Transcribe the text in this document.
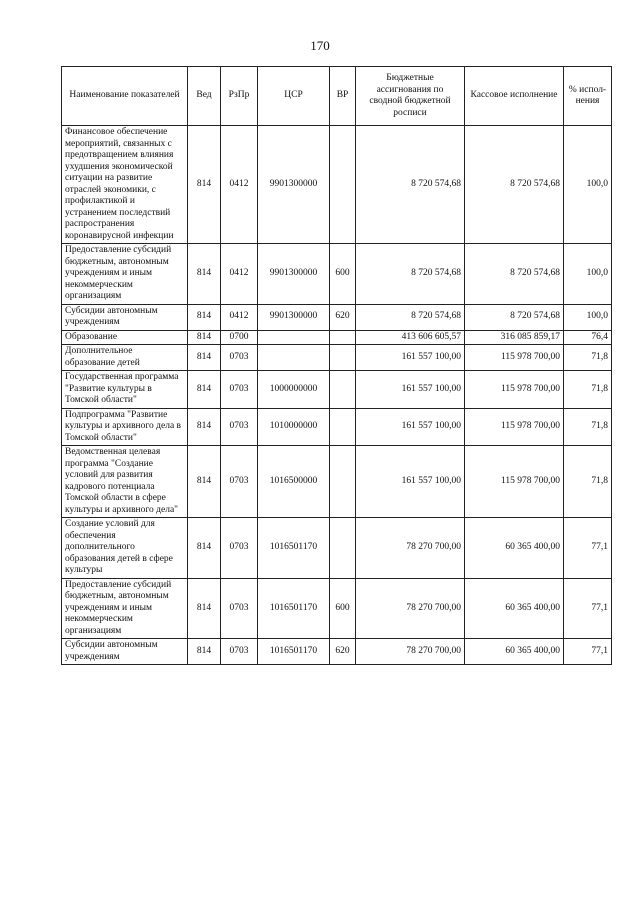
170
Наименование показателей	Вед	РзПр	ЦСР	ВР	Бюджетные ассигнования по сводной бюджетной росписи	Кассовое исполнение	% испол-нения
Финансовое обеспечение мероприятий, связанных с предотвращением влияния ухудшения экономической ситуации на развитие отраслей экономики, с профилактикой и устранением последствий распространения коронавирусной инфекции	814	0412	9901300000		8 720 574,68	8 720 574,68	100,0
Предоставление субсидий бюджетным, автономным учреждениям и иным некоммерческим организациям	814	0412	9901300000	600	8 720 574,68	8 720 574,68	100,0
Субсидии автономным учреждениям	814	0412	9901300000	620	8 720 574,68	8 720 574,68	100,0
Образование	814	0700			413 606 605,57	316 085 859,17	76,4
Дополнительное образование детей	814	0703			161 557 100,00	115 978 700,00	71,8
Государственная программа "Развитие культуры в Томской области"	814	0703	1000000000		161 557 100,00	115 978 700,00	71,8
Подпрограмма "Развитие культуры и архивного дела в Томской области"	814	0703	1010000000		161 557 100,00	115 978 700,00	71,8
Ведомственная целевая программа "Создание условий для развития кадрового потенциала Томской области в сфере культуры и архивного дела"	814	0703	1016500000		161 557 100,00	115 978 700,00	71,8
Создание условий для обеспечения дополнительного образования детей в сфере культуры	814	0703	1016501170		78 270 700,00	60 365 400,00	77,1
Предоставление субсидий бюджетным, автономным учреждениям и иным некоммерческим организациям	814	0703	1016501170	600	78 270 700,00	60 365 400,00	77,1
Субсидии автономным учреждениям	814	0703	1016501170	620	78 270 700,00	60 365 400,00	77,1
